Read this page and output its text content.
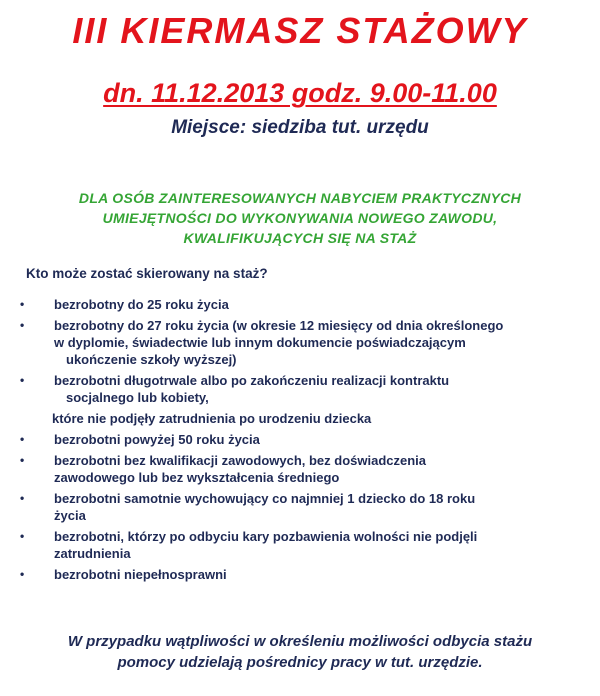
III KIERMASZ STAŻOWY
dn. 11.12.2013 godz. 9.00-11.00
Miejsce: siedziba tut. urzędu
DLA OSÓB ZAINTERESOWANYCH NABYCIEM PRAKTYCZNYCH
UMIEJĘTNOŚCI DO WYKONYWANIA NOWEGO ZAWODU,
KWALIFIKUJĄCYCH SIĘ NA STAŻ
Kto może zostać skierowany na staż?
• bezrobotny do 25 roku życia
• bezrobotny do 27 roku życia (w okresie 12 miesięcy od dnia określonego
w dyplomie, świadectwie lub innym dokumencie poświadczającym
ukończenie szkoły wyższej)
• bezrobotni długotrwale albo po zakończeniu realizacji kontraktu
socjalnego lub kobiety,
które nie podjęły zatrudnienia po urodzeniu dziecka
• bezrobotni powyżej 50 roku życia
• bezrobotni bez kwalifikacji zawodowych, bez doświadczenia
zawodowego lub bez wykształcenia średniego
• bezrobotni samotnie wychowujący co najmniej 1 dziecko do 18 roku
życia
• bezrobotni, którzy po odbyciu kary pozbawienia wolności nie podjęli
zatrudnienia
• bezrobotni niepełnosprawni
W przypadku wątpliwości w określeniu możliwości odbycia stażu
pomocy udzielają pośrednicy pracy w tut. urzędzie.
